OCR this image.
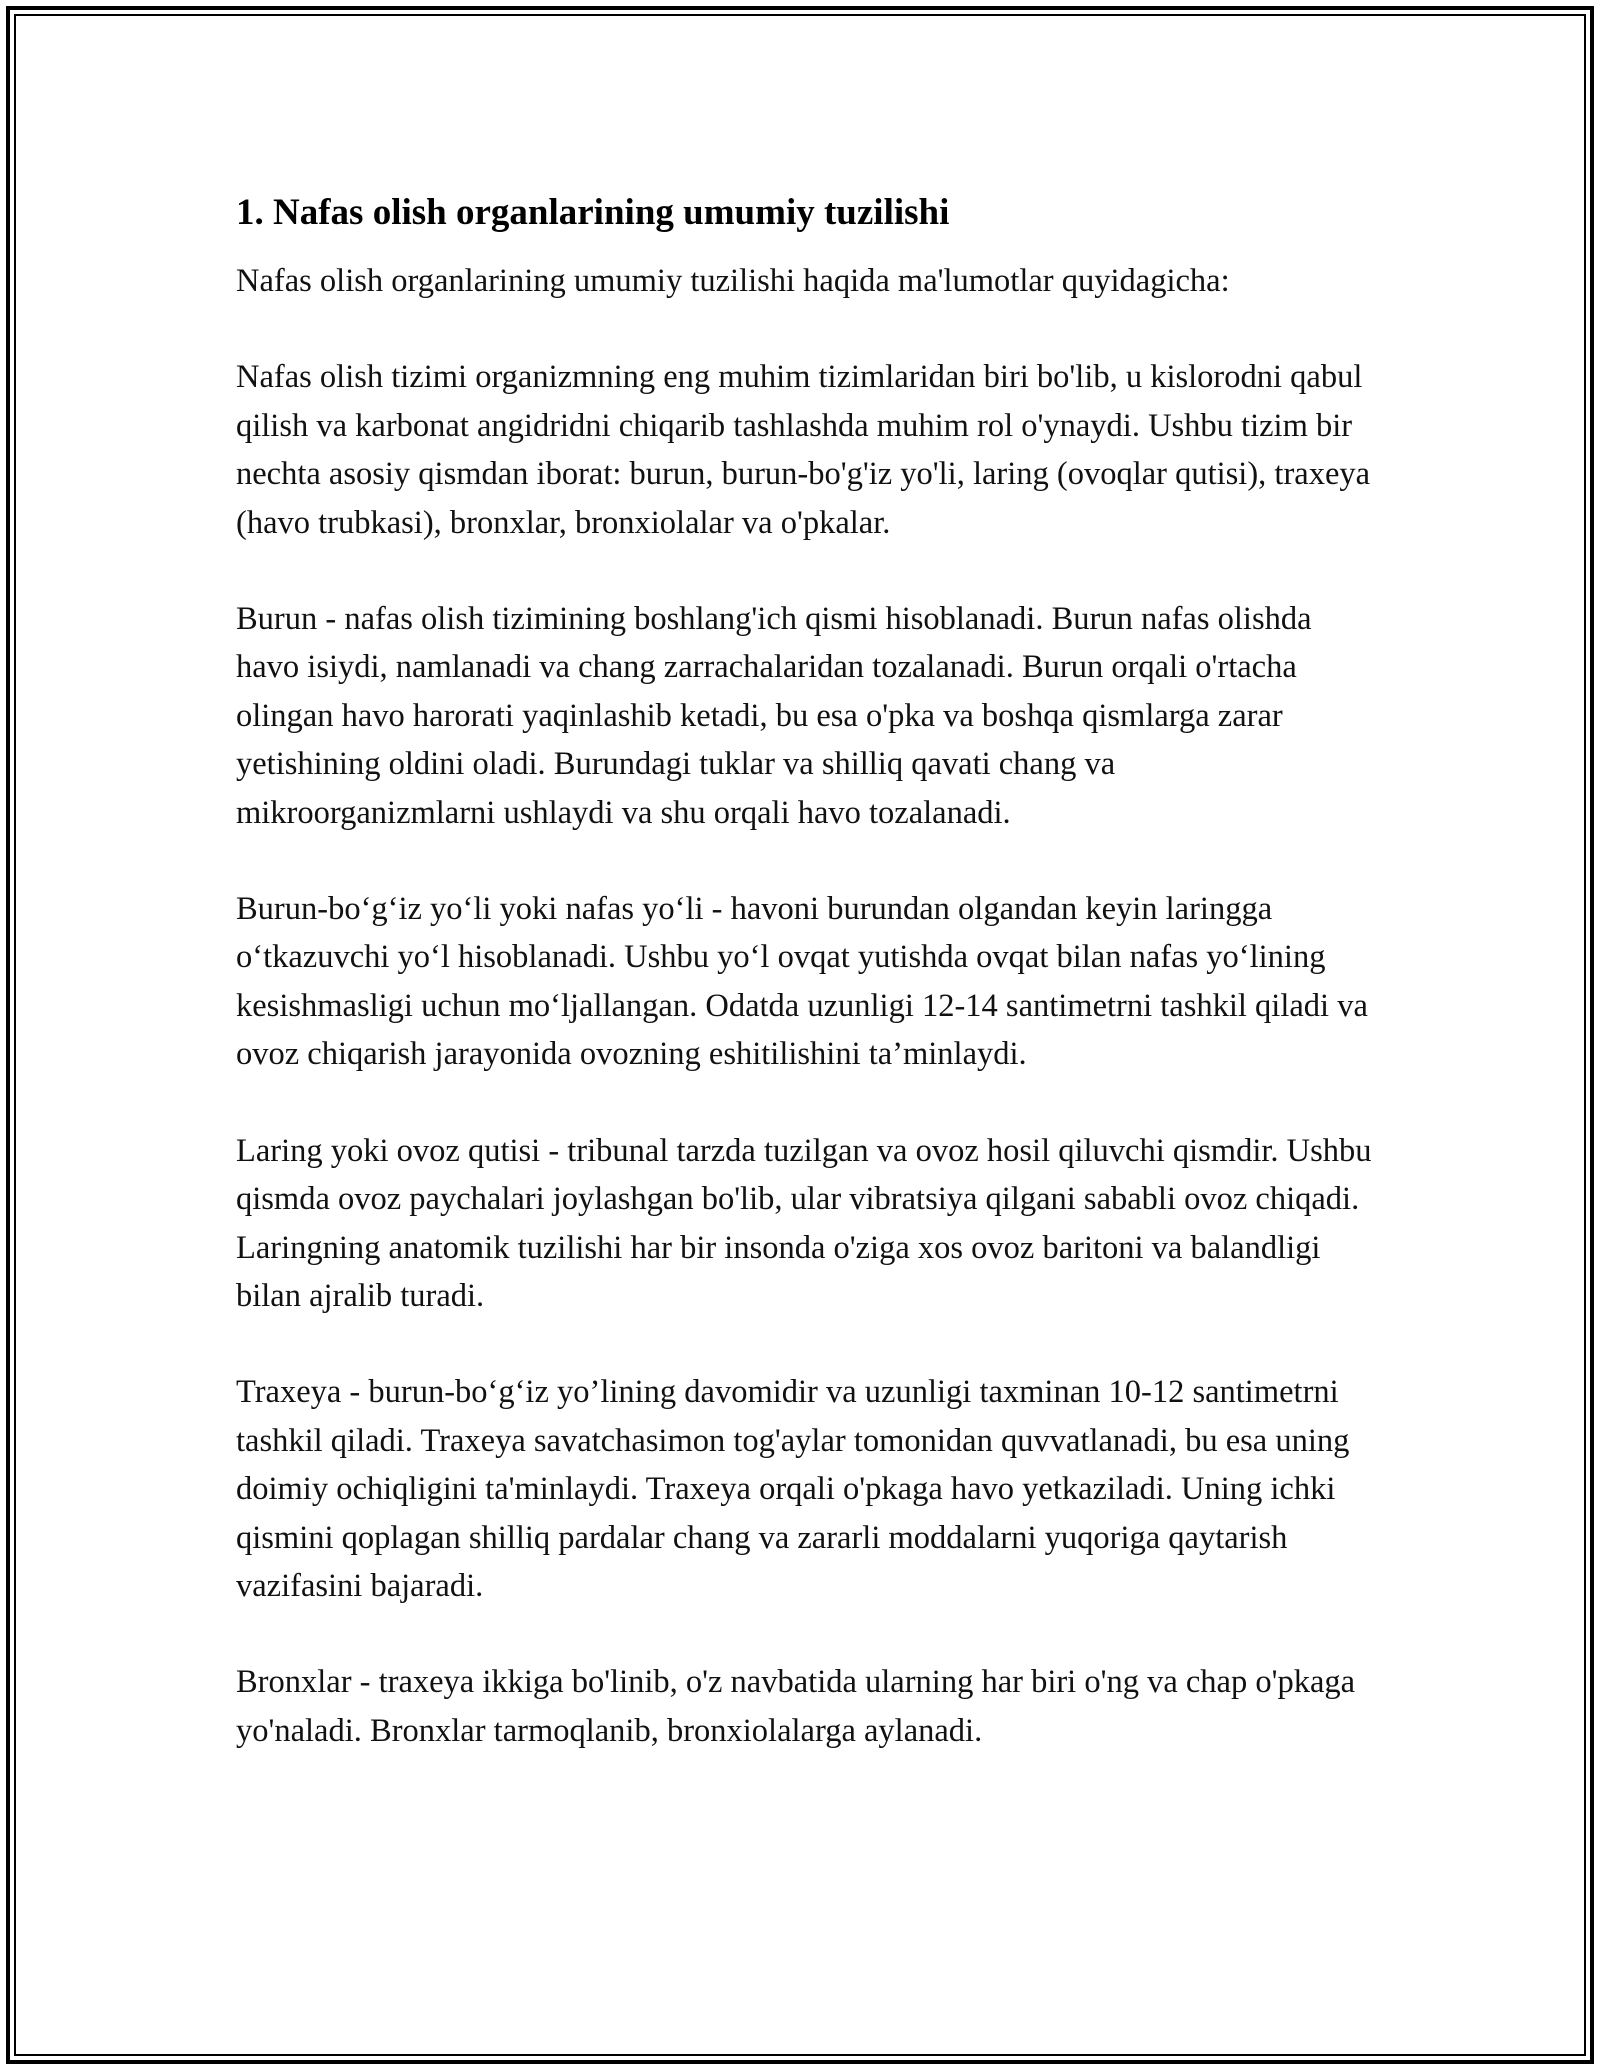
1. Nafas olish organlarining umumiy tuzilishi

Nafas olish organlarining umumiy tuzilishi haqida ma'lumotlar quyidagicha:

Nafas olish tizimi organizmning eng muhim tizimlaridan biri bo'lib, u kislorodni qabul qilish va karbonat angidridni chiqarib tashlashda muhim rol o'ynaydi. Ushbu tizim bir nechta asosiy qismdan iborat: burun, burun-bo'g'iz yo'li, laring (ovoqlar qutisi), traxeya (havo trubkasi), bronxlar, bronxiolalar va o'pkalar.

Burun - nafas olish tizimining boshlang'ich qismi hisoblanadi. Burun nafas olishda havo isiydi, namlanadi va chang zarrachalaridan tozalanadi. Burun orqali o'rtacha olingan havo harorati yaqinlashib ketadi, bu esa o'pka va boshqa qismlarga zarar yetishining oldini oladi. Burundagi tuklar va shilliq qavati chang va mikroorganizmlarni ushlaydi va shu orqali havo tozalanadi.

Burun-bo‘g‘iz yo‘li yoki nafas yo‘li - havoni burundan olgandan keyin laringga o‘tkazuvchi yo‘l hisoblanadi. Ushbu yo‘l ovqat yutishda ovqat bilan nafas yo‘lining kesishmasligi uchun mo‘ljallangan. Odatda uzunligi 12-14 santimetrni tashkil qiladi va ovoz chiqarish jarayonida ovozning eshitilishini ta’minlaydi.

Laring yoki ovoz qutisi - tribunal tarzda tuzilgan va ovoz hosil qiluvchi qismdir. Ushbu qismda ovoz paychalari joylashgan bo'lib, ular vibratsiya qilgani sababli ovoz chiqadi. Laringning anatomik tuzilishi har bir insonda o'ziga xos ovoz baritoni va balandligi bilan ajralib turadi.

Traxeya - burun-bo‘g‘iz yo’lining davomidir va uzunligi taxminan 10-12 santimetrni tashkil qiladi. Traxeya savatchasimon tog'aylar tomonidan quvvatlanadi, bu esa uning doimiy ochiqligini ta'minlaydi. Traxeya orqali o'pkaga havo yetkaziladi. Uning ichki qismini qoplagan shilliq pardalar chang va zararli moddalarni yuqoriga qaytarish vazifasini bajaradi.

Bronxlar - traxeya ikkiga bo'linib, o'z navbatida ularning har biri o'ng va chap o'pkaga yo'naladi. Bronxlar tarmoqlanib, bronxiolalarga aylanadi.
